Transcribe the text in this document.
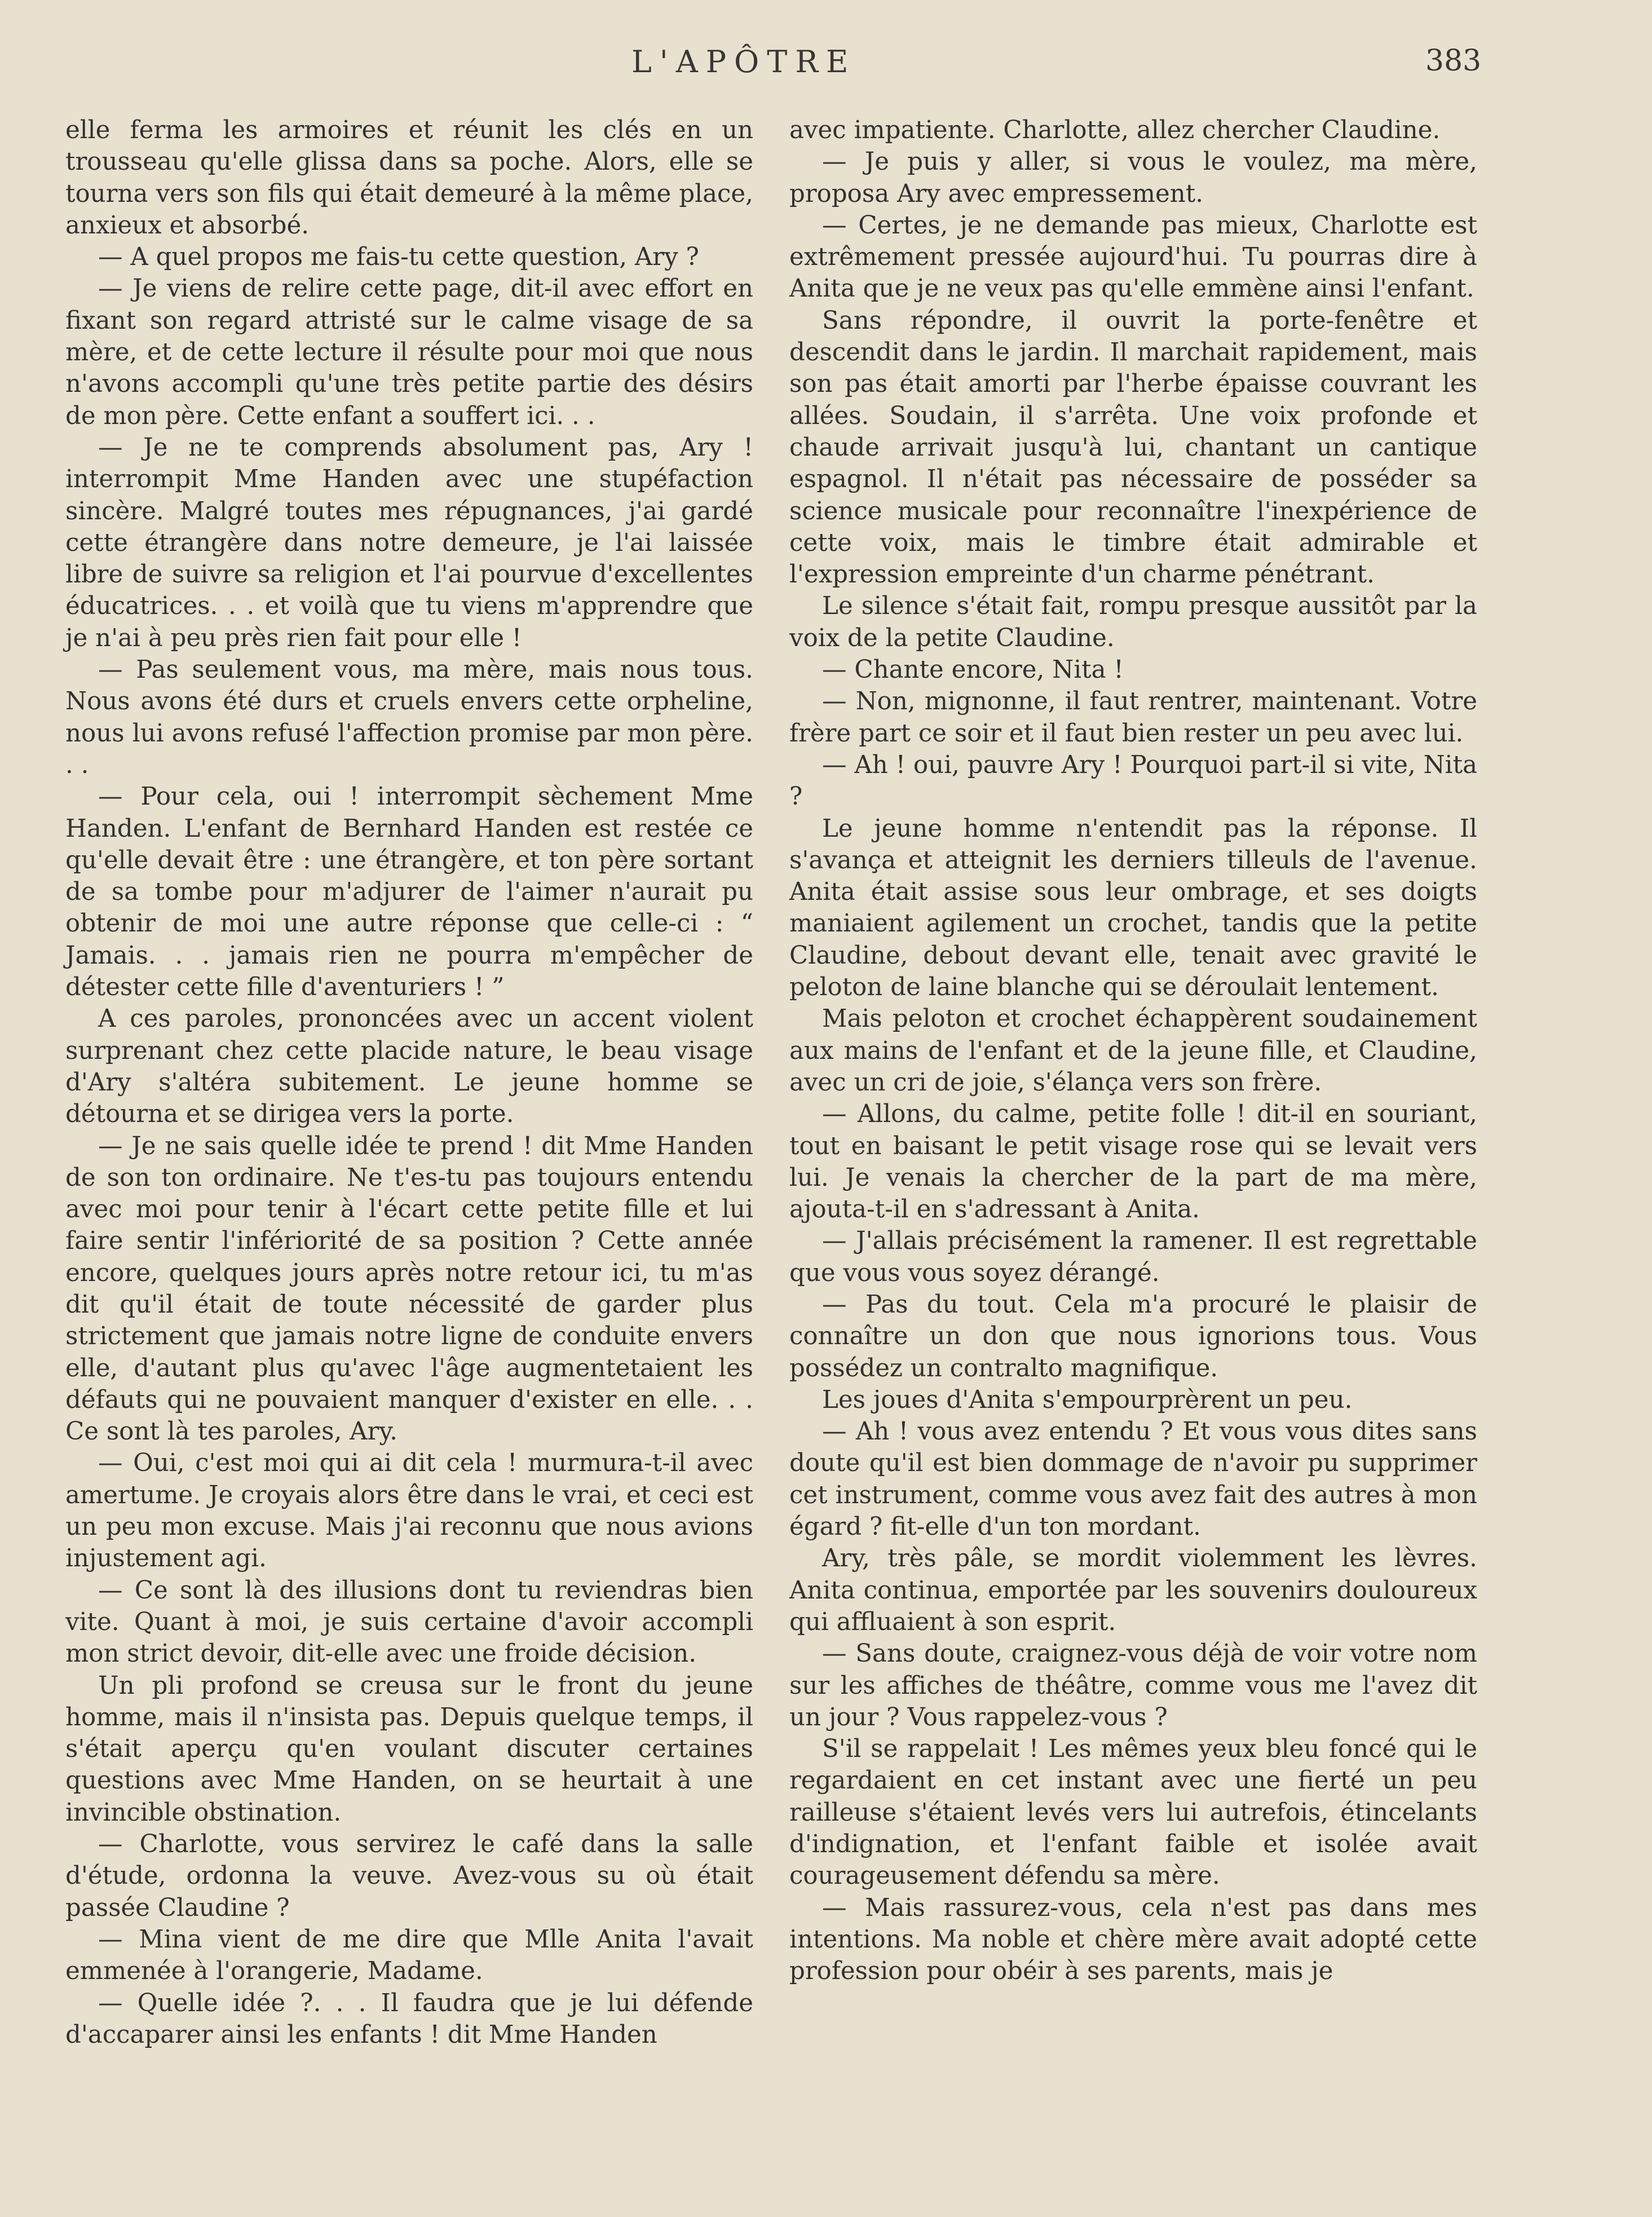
L'APÔTRE	383

elle ferma les armoires et réunit les clés en un trousseau qu'elle glissa dans sa poche. Alors, elle se tourna vers son fils qui était demeuré à la même place, anxieux et absorbé.

— A quel propos me fais-tu cette question, Ary ?

— Je viens de relire cette page, dit-il avec effort en fixant son regard attristé sur le calme visage de sa mère, et de cette lecture il résulte pour moi que nous n'avons accompli qu'une très petite partie des désirs de mon père. Cette enfant a souffert ici. . .

— Je ne te comprends absolument pas, Ary ! interrompit Mme Handen avec une stupéfaction sincère. Malgré toutes mes répugnances, j'ai gardé cette étrangère dans notre demeure, je l'ai laissée libre de suivre sa religion et l'ai pourvue d'excellentes éducatrices. . . et voilà que tu viens m'apprendre que je n'ai à peu près rien fait pour elle !

— Pas seulement vous, ma mère, mais nous tous. Nous avons été durs et cruels envers cette orpheline, nous lui avons refusé l'affection promise par mon père. . .

— Pour cela, oui ! interrompit sèchement Mme Handen. L'enfant de Bernhard Handen est restée ce qu'elle devait être : une étrangère, et ton père sortant de sa tombe pour m'adjurer de l'aimer n'aurait pu obtenir de moi une autre réponse que celle-ci : “ Jamais. . . jamais rien ne pourra m'empêcher de détester cette fille d'aventuriers ! ”

A ces paroles, prononcées avec un accent violent surprenant chez cette placide nature, le beau visage d'Ary s'altéra subitement. Le jeune homme se détourna et se dirigea vers la porte.

— Je ne sais quelle idée te prend ! dit Mme Handen de son ton ordinaire. Ne t'es-tu pas toujours entendu avec moi pour tenir à l'écart cette petite fille et lui faire sentir l'infériorité de sa position ? Cette année encore, quelques jours après notre retour ici, tu m'as dit qu'il était de toute nécessité de garder plus strictement que jamais notre ligne de conduite envers elle, d'autant plus qu'avec l'âge augmentetaient les défauts qui ne pouvaient manquer d'exister en elle. . . Ce sont là tes paroles, Ary.

— Oui, c'est moi qui ai dit cela ! murmura-t-il avec amertume. Je croyais alors être dans le vrai, et ceci est un peu mon excuse. Mais j'ai reconnu que nous avions injustement agi.

— Ce sont là des illusions dont tu reviendras bien vite. Quant à moi, je suis certaine d'avoir accompli mon strict devoir, dit-elle avec une froide décision.

Un pli profond se creusa sur le front du jeune homme, mais il n'insista pas. Depuis quelque temps, il s'était aperçu qu'en voulant discuter certaines questions avec Mme Handen, on se heurtait à une invincible obstination.

— Charlotte, vous servirez le café dans la salle d'étude, ordonna la veuve. Avez-vous su où était passée Claudine ?

— Mina vient de me dire que Mlle Anita l'avait emmenée à l'orangerie, Madame.

— Quelle idée ?. . . Il faudra que je lui défende d'accaparer ainsi les enfants ! dit Mme Handen

avec impatiente. Charlotte, allez chercher Claudine.

— Je puis y aller, si vous le voulez, ma mère, proposa Ary avec empressement.

— Certes, je ne demande pas mieux, Charlotte est extrêmement pressée aujourd'hui. Tu pourras dire à Anita que je ne veux pas qu'elle emmène ainsi l'enfant.

Sans répondre, il ouvrit la porte-fenêtre et descendit dans le jardin. Il marchait rapidement, mais son pas était amorti par l'herbe épaisse couvrant les allées. Soudain, il s'arrêta. Une voix profonde et chaude arrivait jusqu'à lui, chantant un cantique espagnol. Il n'était pas nécessaire de posséder sa science musicale pour reconnaître l'inexpérience de cette voix, mais le timbre était admirable et l'expression empreinte d'un charme pénétrant.

Le silence s'était fait, rompu presque aussitôt par la voix de la petite Claudine.

— Chante encore, Nita !

— Non, mignonne, il faut rentrer, maintenant. Votre frère part ce soir et il faut bien rester un peu avec lui.

— Ah ! oui, pauvre Ary ! Pourquoi part-il si vite, Nita ?

Le jeune homme n'entendit pas la réponse. Il s'avança et atteignit les derniers tilleuls de l'avenue. Anita était assise sous leur ombrage, et ses doigts maniaient agilement un crochet, tandis que la petite Claudine, debout devant elle, tenait avec gravité le peloton de laine blanche qui se déroulait lentement.

Mais peloton et crochet échappèrent soudainement aux mains de l'enfant et de la jeune fille, et Claudine, avec un cri de joie, s'élança vers son frère.

— Allons, du calme, petite folle ! dit-il en souriant, tout en baisant le petit visage rose qui se levait vers lui. Je venais la chercher de la part de ma mère, ajouta-t-il en s'adressant à Anita.

— J'allais précisément la ramener. Il est regrettable que vous vous soyez dérangé.

— Pas du tout. Cela m'a procuré le plaisir de connaître un don que nous ignorions tous. Vous possédez un contralto magnifique.

Les joues d'Anita s'empourprèrent un peu.

— Ah ! vous avez entendu ? Et vous vous dites sans doute qu'il est bien dommage de n'avoir pu supprimer cet instrument, comme vous avez fait des autres à mon égard ? fit-elle d'un ton mordant.

Ary, très pâle, se mordit violemment les lèvres. Anita continua, emportée par les souvenirs douloureux qui affluaient à son esprit.

— Sans doute, craignez-vous déjà de voir votre nom sur les affiches de théâtre, comme vous me l'avez dit un jour ? Vous rappelez-vous ?

S'il se rappelait ! Les mêmes yeux bleu foncé qui le regardaient en cet instant avec une fierté un peu railleuse s'étaient levés vers lui autrefois, étincelants d'indignation, et l'enfant faible et isolée avait courageusement défendu sa mère.

— Mais rassurez-vous, cela n'est pas dans mes intentions. Ma noble et chère mère avait adopté cette profession pour obéir à ses parents, mais je
